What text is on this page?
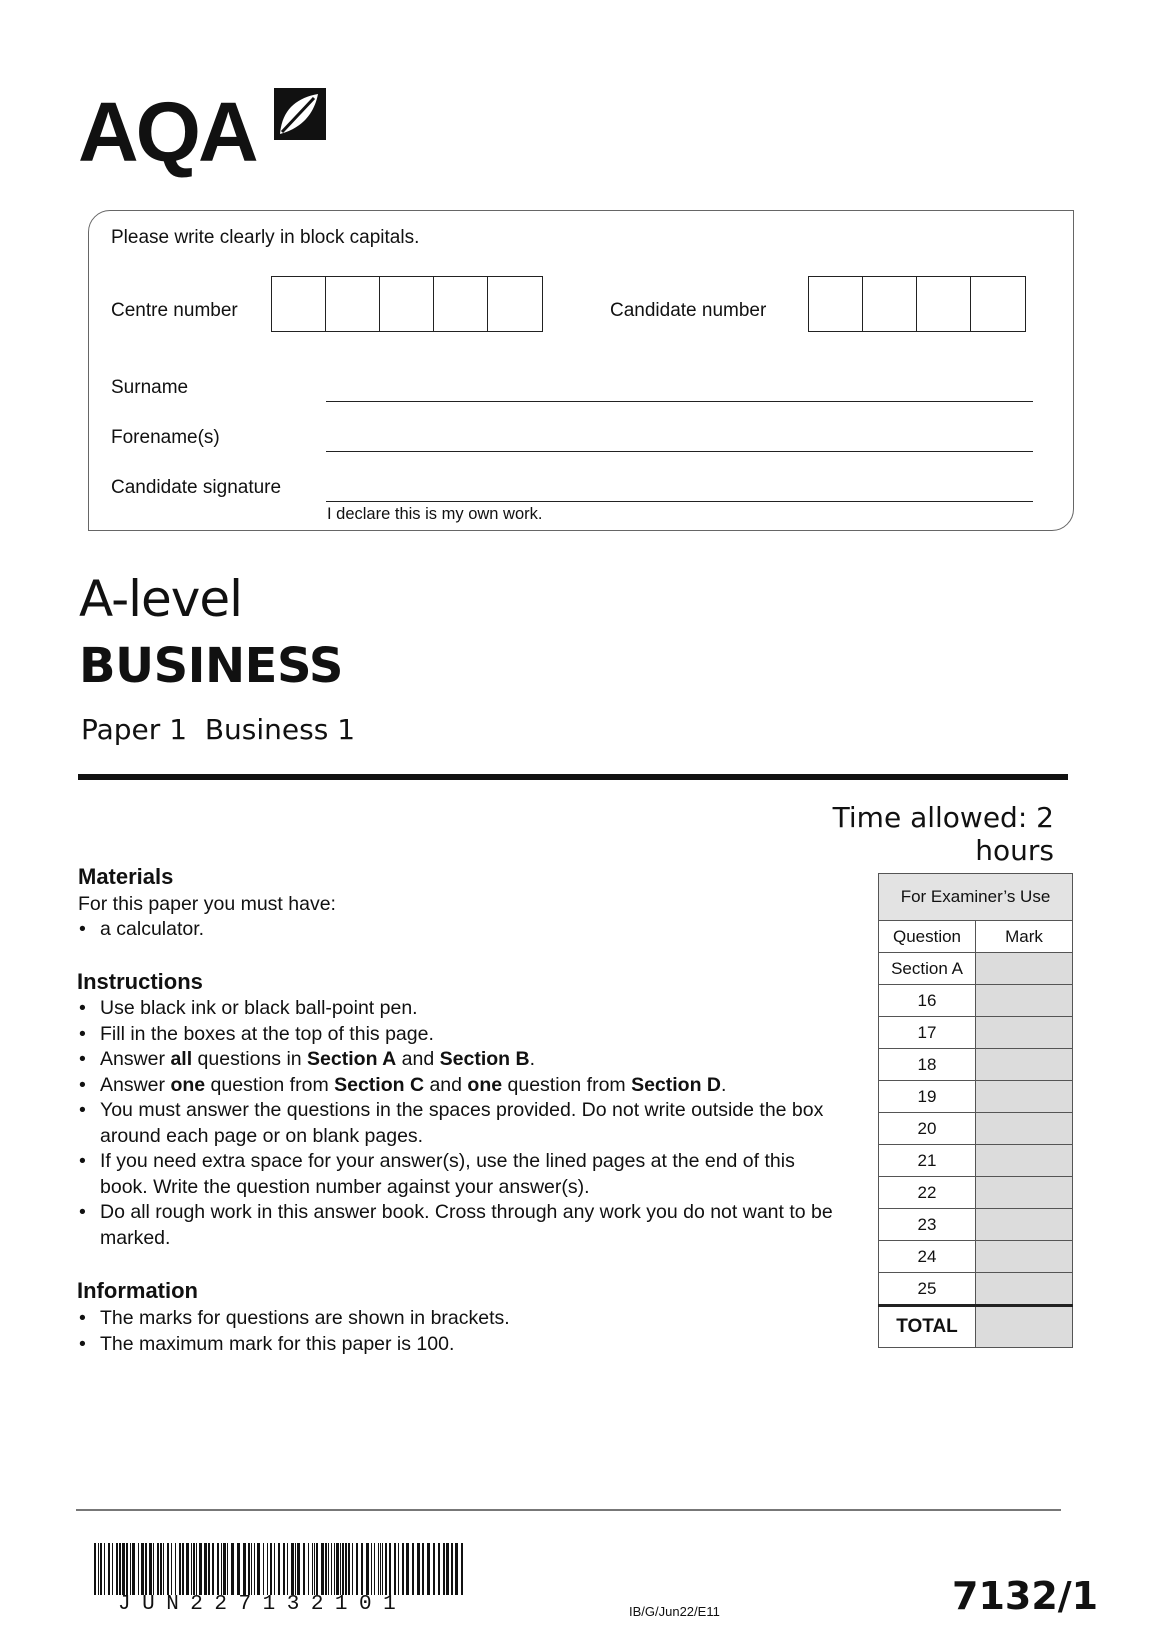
AQA
Please write clearly in block capitals.
Centre number	Candidate number
Surname
Forename(s)
Candidate signature
I declare this is my own work.
A-level
BUSINESS
Paper 1 Business 1
Time allowed: 2 hours
Materials
For this paper you must have:
• a calculator.
Instructions
• Use black ink or black ball-point pen.
• Fill in the boxes at the top of this page.
• Answer all questions in Section A and Section B.
• Answer one question from Section C and one question from Section D.
• You must answer the questions in the spaces provided. Do not write outside the box around each page or on blank pages.
• If you need extra space for your answer(s), use the lined pages at the end of this book. Write the question number against your answer(s).
• Do all rough work in this answer book. Cross through any work you do not want to be marked.
Information
• The marks for questions are shown in brackets.
• The maximum mark for this paper is 100.
For Examiner’s Use	
Question	Mark
Section A	
16	
17	
18	
19	
20	
21	
22	
23	
24	
25	
TOTAL	
JUN227132101	IB/G/Jun22/E11	7132/1
